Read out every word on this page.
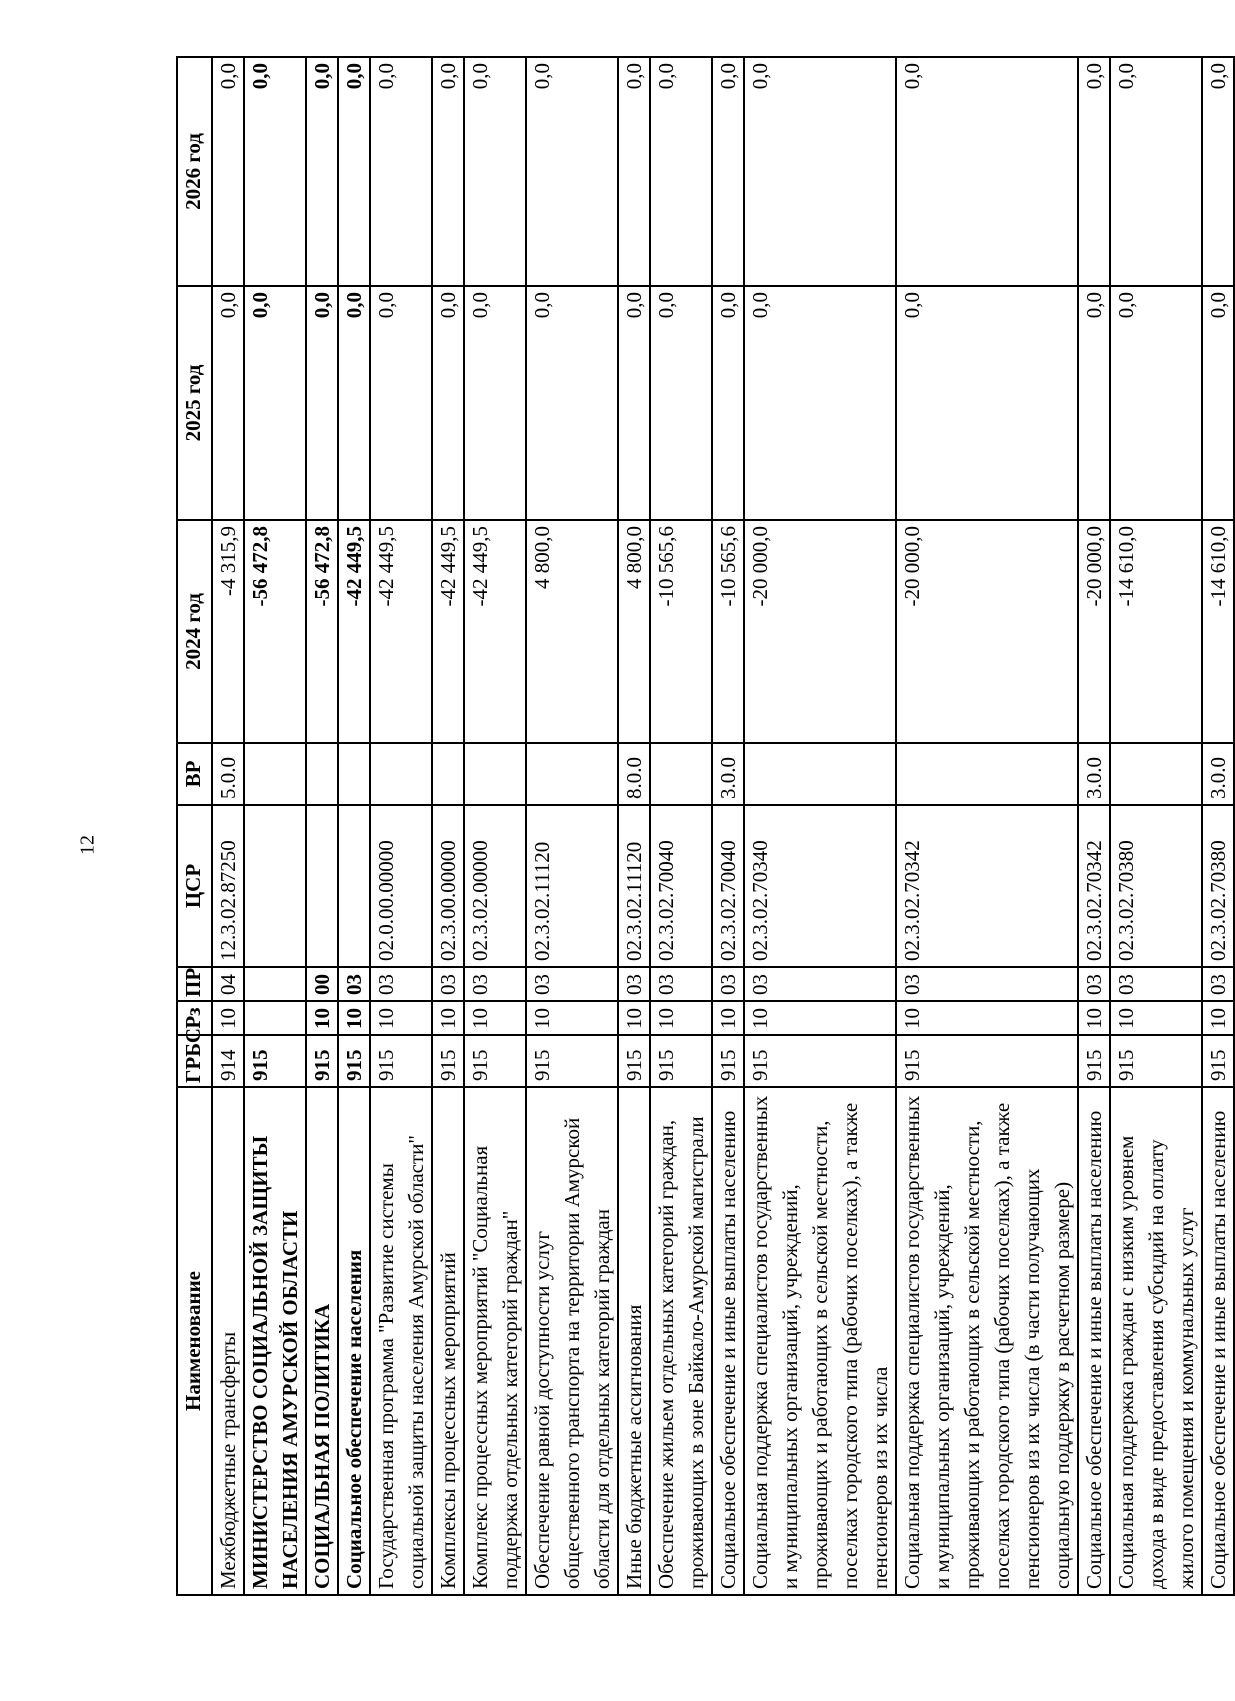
12
Наименование	ГРБС	Рз	ПР	ЦСР	ВР	2024 год	2025 год	2026 год
Межбюджетные трансферты	914	10	04	12.3.02.87250	5.0.0	-4 315,9	0,0	0,0
МИНИСТЕРСТВО СОЦИАЛЬНОЙ ЗАЩИТЫ НАСЕЛЕНИЯ АМУРСКОЙ ОБЛАСТИ	915					-56 472,8	0,0	0,0
СОЦИАЛЬНАЯ ПОЛИТИКА	915	10	00			-56 472,8	0,0	0,0
Социальное обеспечение населения	915	10	03			-42 449,5	0,0	0,0
Государственная программа "Развитие системы социальной защиты населения Амурской области"	915	10	03	02.0.00.00000		-42 449,5	0,0	0,0
Комплексы процессных мероприятий	915	10	03	02.3.00.00000		-42 449,5	0,0	0,0
Комплекс процессных мероприятий "Социальная поддержка отдельных категорий граждан"	915	10	03	02.3.02.00000		-42 449,5	0,0	0,0
Обеспечение равной доступности услуг общественного транспорта на территории Амурской области для отдельных категорий граждан	915	10	03	02.3.02.11120		4 800,0	0,0	0,0
Иные бюджетные ассигнования	915	10	03	02.3.02.11120	8.0.0	4 800,0	0,0	0,0
Обеспечение жильем отдельных категорий граждан, проживающих в зоне Байкало-Амурской магистрали	915	10	03	02.3.02.70040		-10 565,6	0,0	0,0
Социальное обеспечение и иные выплаты населению	915	10	03	02.3.02.70040	3.0.0	-10 565,6	0,0	0,0
Социальная поддержка специалистов государственных и муниципальных организаций, учреждений, проживающих и работающих в сельской местности, поселках городского типа (рабочих поселках), а также пенсионеров из их числа	915	10	03	02.3.02.70340		-20 000,0	0,0	0,0
Социальная поддержка специалистов государственных и муниципальных организаций, учреждений, проживающих и работающих в сельской местности, поселках городского типа (рабочих поселках), а также пенсионеров из их числа (в части получающих социальную поддержку в расчетном размере)	915	10	03	02.3.02.70342		-20 000,0	0,0	0,0
Социальное обеспечение и иные выплаты населению	915	10	03	02.3.02.70342	3.0.0	-20 000,0	0,0	0,0
Социальная поддержка граждан с низким уровнем дохода в виде предоставления субсидий на оплату жилого помещения и коммунальных услуг	915	10	03	02.3.02.70380		-14 610,0	0,0	0,0
Социальное обеспечение и иные выплаты населению	915	10	03	02.3.02.70380	3.0.0	-14 610,0	0,0	0,0
